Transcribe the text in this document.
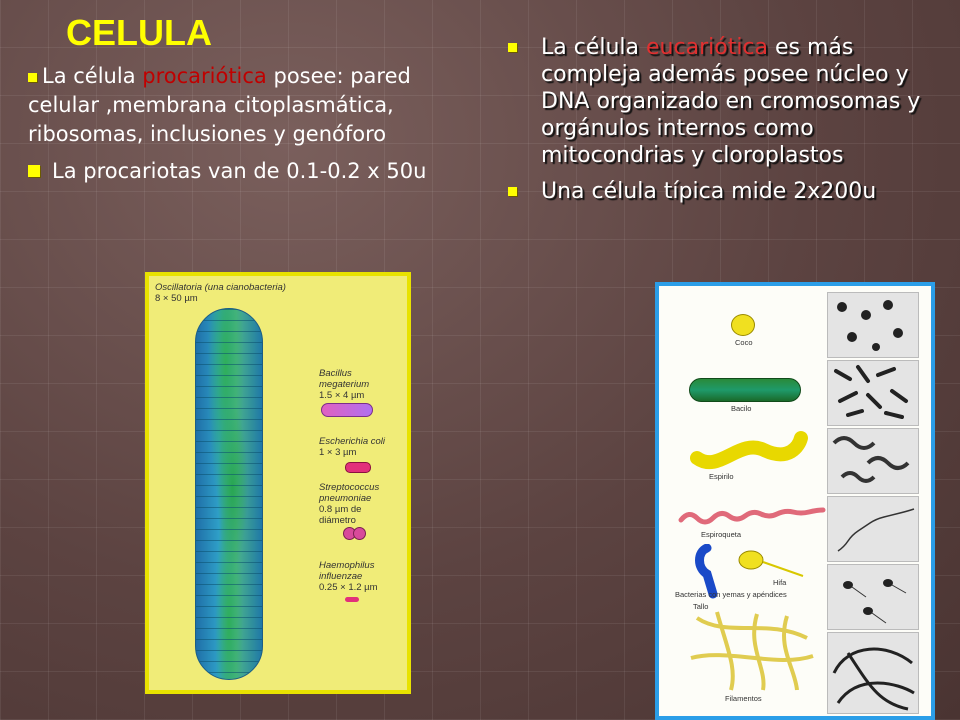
CELULA

La célula procariótica posee: pared celular ,membrana citoplasmática, ribosomas, inclusiones y genóforo

La procariotas van de 0.1-0.2 x 50u

La célula eucariótica es más compleja además posee núcleo y DNA organizado en cromosomas y orgánulos internos como mitocondrias y cloroplastos
Una célula típica mide 2x200u
Oscillatoria (una cianobacteria)
8 × 50 µm
Bacillus megaterium
1.5 × 4 µm
Escherichia coli
1 × 3 µm
Streptococcus pneumoniae
0.8 µm de diámetro
Haemophilus influenzae
0.25 × 1.2 µm
Coco
Bacilo
Espirilo
Espiroqueta
Tallo
Hifa
Bacterias con yemas y apéndices
Filamentos
